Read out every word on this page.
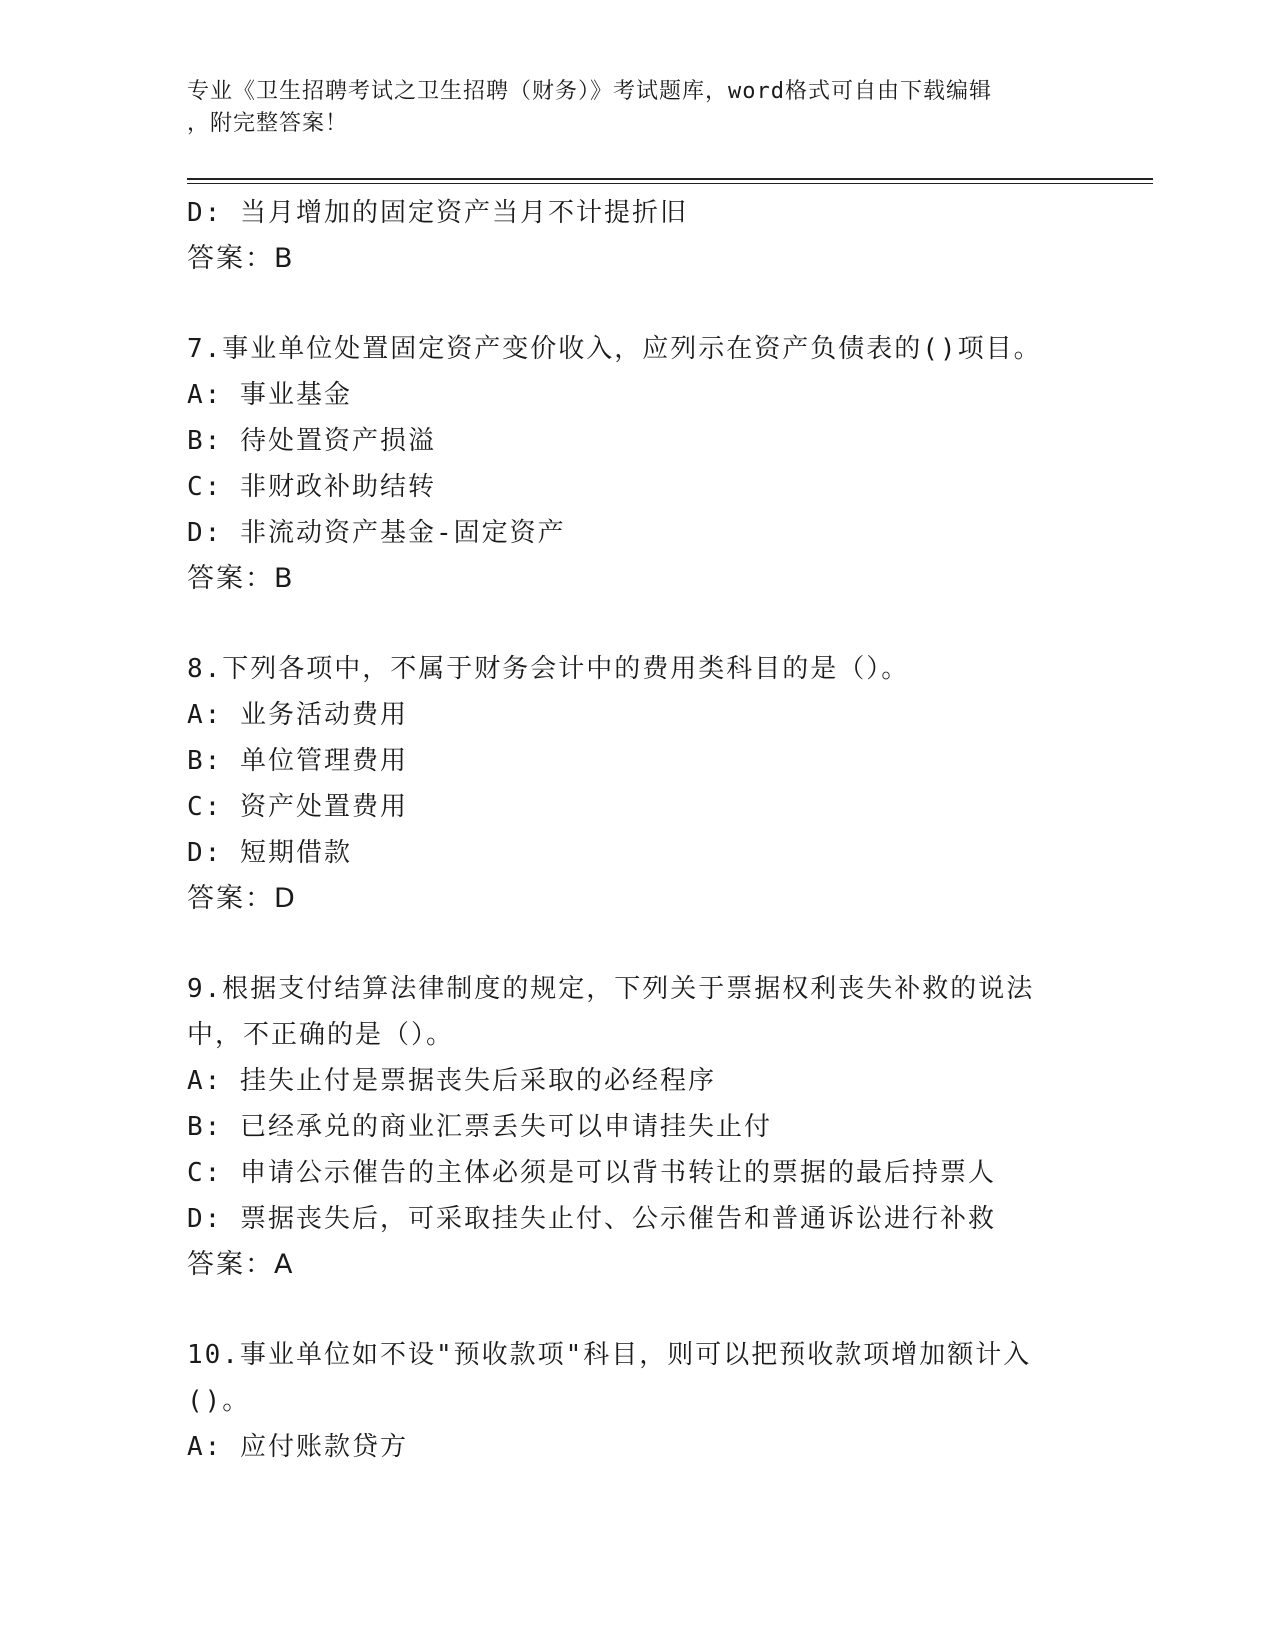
专业《卫生招聘考试之卫生招聘（财务）》考试题库，word格式可自由下载编辑
，附完整答案！
D: 当月增加的固定资产当月不计提折旧
答案：B
7.事业单位处置固定资产变价收入，应列示在资产负债表的()项目。
A: 事业基金
B: 待处置资产损溢
C: 非财政补助结转
D: 非流动资产基金-固定资产
答案：B
8.下列各项中，不属于财务会计中的费用类科目的是（）。
A: 业务活动费用
B: 单位管理费用
C: 资产处置费用
D: 短期借款
答案：D
9.根据支付结算法律制度的规定，下列关于票据权利丧失补救的说法中，不正确的是（）。
A: 挂失止付是票据丧失后采取的必经程序
B: 已经承兑的商业汇票丢失可以申请挂失止付
C: 申请公示催告的主体必须是可以背书转让的票据的最后持票人
D: 票据丧失后，可采取挂失止付、公示催告和普通诉讼进行补救
答案：A
10.事业单位如不设"预收款项"科目，则可以把预收款项增加额计入()。
A: 应付账款贷方
